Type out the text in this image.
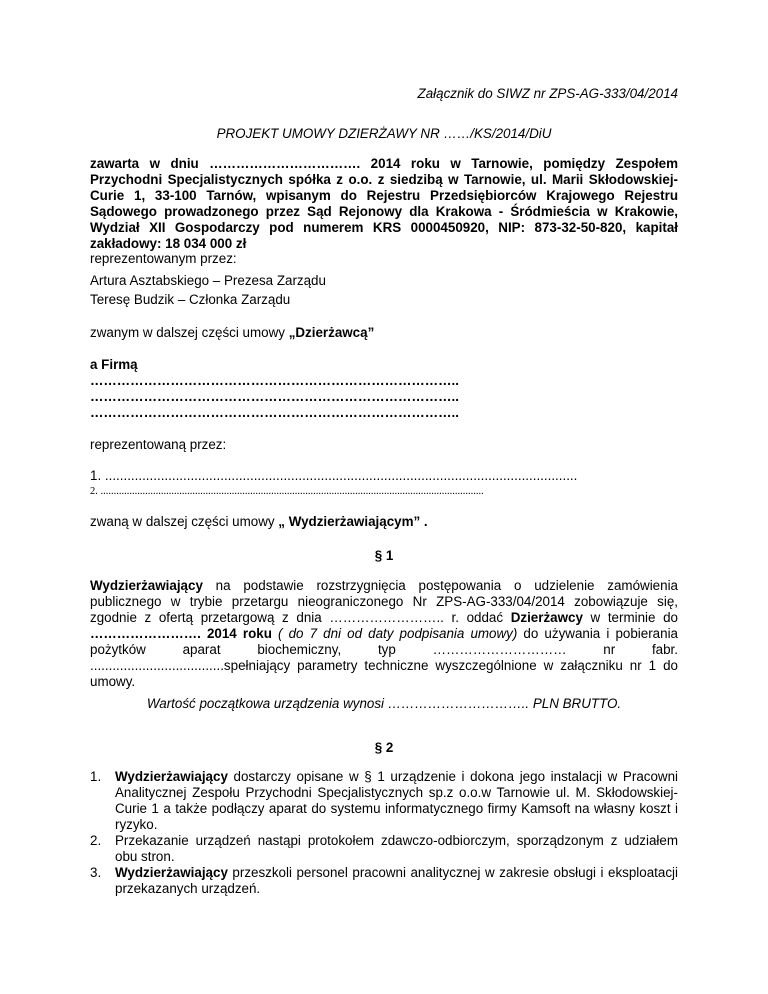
Załącznik do SIWZ nr ZPS-AG-333/04/2014

PROJEKT UMOWY DZIERŻAWY NR ……/KS/2014/DiU

zawarta w dniu ……………………………. 2014 roku w Tarnowie, pomiędzy Zespołem Przychodni Specjalistycznych spółka z o.o. z siedzibą w Tarnowie, ul. Marii Skłodowskiej-Curie 1, 33-100 Tarnów, wpisanym do Rejestru Przedsiębiorców Krajowego Rejestru Sądowego prowadzonego przez Sąd Rejonowy dla Krakowa - Śródmieścia w Krakowie, Wydział XII Gospodarczy pod numerem KRS 0000450920, NIP: 873-32-50-820, kapitał zakładowy: 18 034 000 zł

reprezentowanym przez:

Artura Asztabskiego – Prezesa Zarządu

Teresę Budzik – Członka Zarządu

zwanym w dalszej części umowy „Dzierżawcą”

a Firmą

………………………………………………………………………..

………………………………………………………………………..

………………………………………………………………………..

reprezentowaną przez:

1. ...............................................................................................................................

2. ..................................................................................................................................................

zwaną w dalszej części umowy „ Wydzierżawiającym” .

§ 1

Wydzierżawiający na podstawie rozstrzygnięcia postępowania o udzielenie zamówienia publicznego w trybie przetargu nieograniczonego Nr ZPS-AG-333/04/2014 zobowiązuje się, zgodnie z ofertą przetargową z dnia …………………….. r. oddać Dzierżawcy w terminie do ……………………. 2014 roku ( do 7 dni od daty podpisania umowy) do używania i pobierania pożytków aparat biochemiczny, typ ………………………… nr fabr. ....................................spełniający parametry techniczne wyszczególnione w załączniku nr 1 do umowy.

Wartość początkowa urządzenia wynosi ………………………….. PLN BRUTTO.

§ 2

1. Wydzierżawiający dostarczy opisane w § 1 urządzenie i dokona jego instalacji w Pracowni Analitycznej Zespołu Przychodni Specjalistycznych sp.z o.o.w Tarnowie ul. M. Skłodowskiej-Curie 1 a także podłączy aparat do systemu informatycznego firmy Kamsoft na własny koszt i ryzyko.
2. Przekazanie urządzeń nastąpi protokołem zdawczo-odbiorczym, sporządzonym z udziałem obu stron.
3. Wydzierżawiający przeszkoli personel pracowni analitycznej w zakresie obsługi i eksploatacji przekazanych urządzeń.
